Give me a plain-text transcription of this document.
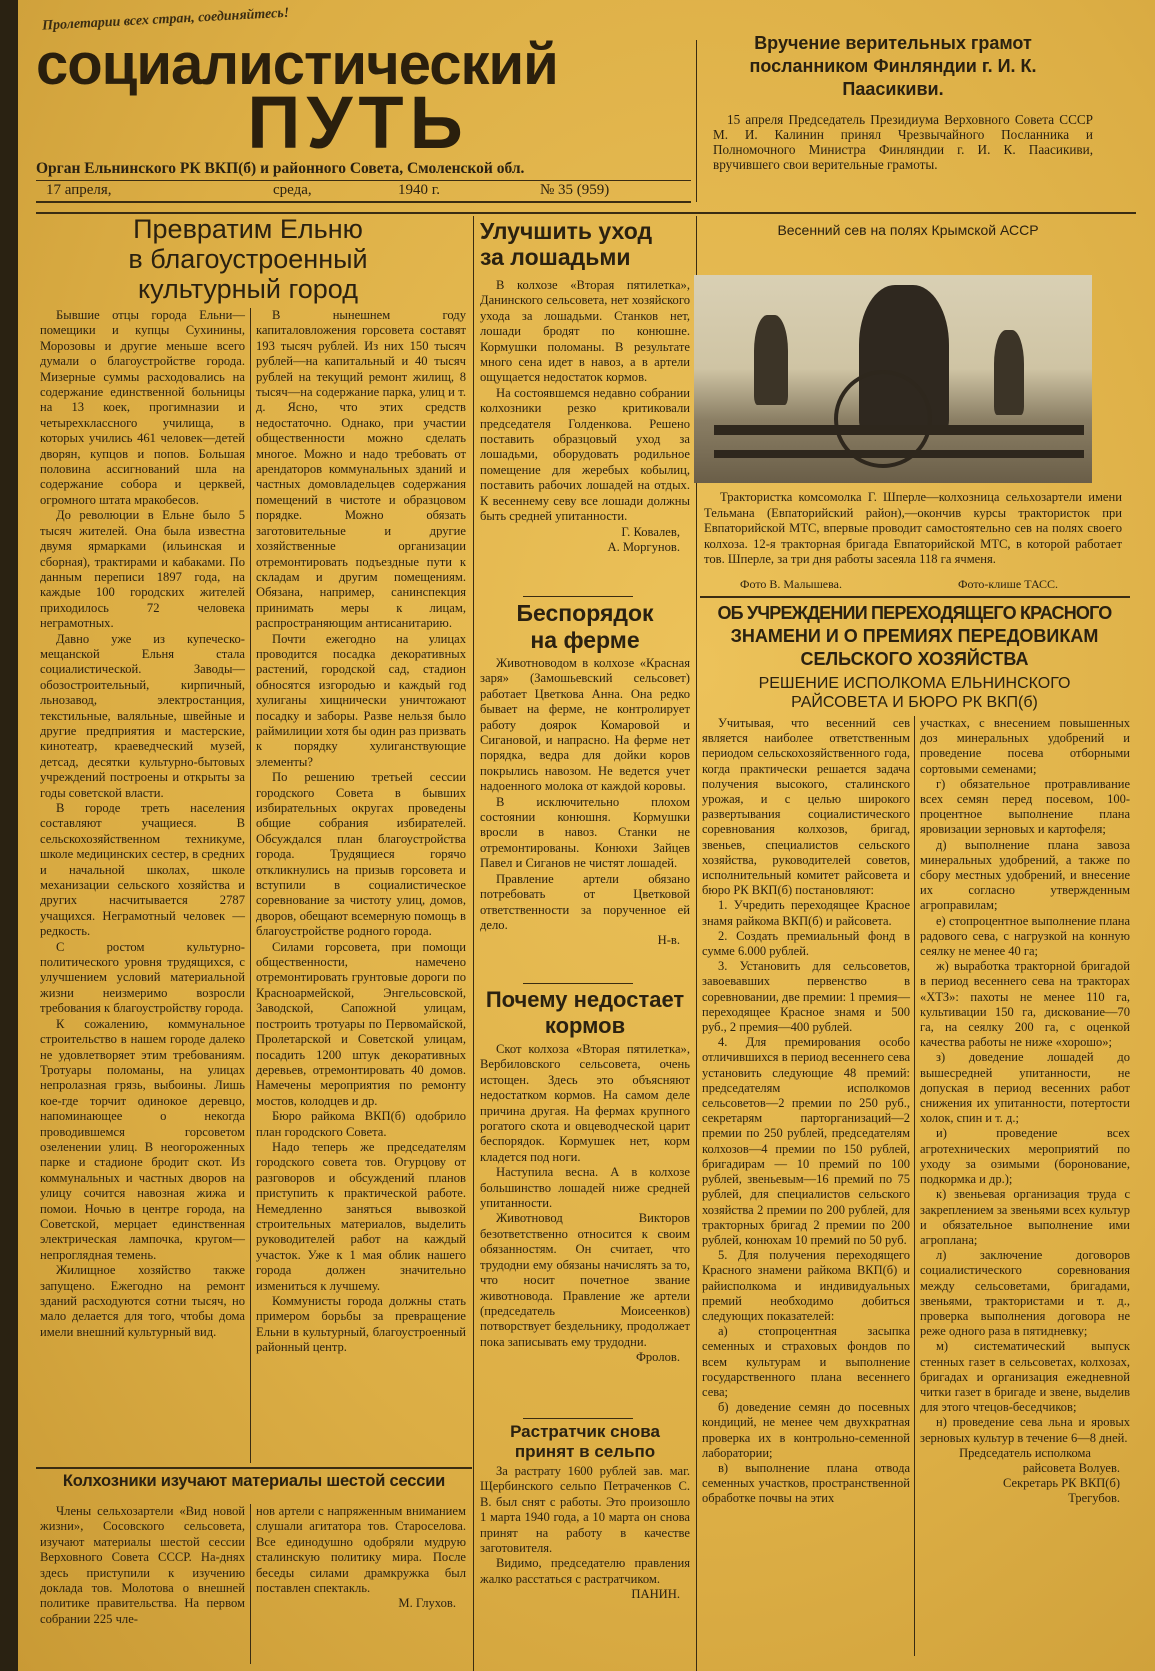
Пролетарии всех стран, соединяйтесь!
социалистический
ПУТЬ
Орган Ельнинского РК ВКП(б) и районного Совета, Смоленской обл.
17 апреля,	среда,	1940 г.	№ 35 (959)
Вручение верительных грамот посланником Финляндии г. И. К. Паасикиви.
15 апреля Председатель Президиума Верховного Совета СССР М. И. Калинин принял Чрезвычайного Посланника и Полномочного Министра Финляндии г. И. К. Паасикиви, вручившего свои верительные грамоты.
Превратим Ельню
в благоустроенный
культурный город

Бывшие отцы города Ельни—помещики и купцы Сухинины, Морозовы и другие меньше всего думали о благоустройстве города. Мизерные суммы расходовались на содержание единственной больницы на 13 коек, прогимназии и четырехклассного училища, в которых учились 461 человек—детей дворян, купцов и попов. Большая половина ассигнований шла на содержание собора и церквей, огромного штата мракобесов.

До революции в Ельне было 5 тысяч жителей. Она была известна двумя ярмарками (ильинская и сборная), трактирами и кабаками. По данным переписи 1897 года, на каждые 100 городских жителей приходилось 72 человека неграмотных.

Давно уже из купеческо-мещанской Ельня стала социалистической. Заводы—обозостроительный, кирпичный, льнозавод, электростанция, текстильные, валяльные, швейные и другие предприятия и мастерские, кинотеатр, краеведческий музей, детсад, десятки культурно-бытовых учреждений построены и открыты за годы советской власти.

В городе треть населения составляют учащиеся. В сельскохозяйственном техникуме, школе медицинских сестер, в средних и начальной школах, школе механизации сельского хозяйства и других насчитывается 2787 учащихся. Неграмотный человек — редкость.

С ростом культурно-политического уровня трудящихся, с улучшением условий материальной жизни неизмеримо возросли требования к благоустройству города.

К сожалению, коммунальное строительство в нашем городе далеко не удовлетворяет этим требованиям. Тротуары поломаны, на улицах непролазная грязь, выбоины. Лишь кое-где торчит одинокое деревцо, напоминающее о некогда проводившемся горсоветом озеленении улиц. В неогороженных парке и стадионе бродит скот. Из коммунальных и частных дворов на улицу сочится навозная жижа и помои. Ночью в центре города, на Советской, мерцает единственная электрическая лампочка, кругом—непроглядная темень.

Жилищное хозяйство также запущено. Ежегодно на ремонт зданий расходуются сотни тысяч, но мало делается для того, чтобы дома имели внешний культурный вид.

В нынешнем году капиталовложения горсовета составят 193 тысяч рублей. Из них 150 тысяч рублей—на капитальный и 40 тысяч рублей на текущий ремонт жилищ, 8 тысяч—на содержание парка, улиц и т. д. Ясно, что этих средств недостаточно. Однако, при участии общественности можно сделать многое. Можно и надо требовать от арендаторов коммунальных зданий и частных домовладельцев содержания помещений в чистоте и образцовом порядке. Можно обязать заготовительные и другие хозяйственные организации отремонтировать подъездные пути к складам и другим помещениям. Обязана, например, санинспекция принимать меры к лицам, распространяющим антисанитарию.

Почти ежегодно на улицах проводится посадка декоративных растений, городской сад, стадион обносятся изгородью и каждый год хулиганы хищнически уничтожают посадку и заборы. Разве нельзя было раймилиции хотя бы один раз призвать к порядку хулиганствующие элементы?

По решению третьей сессии городского Совета в бывших избирательных округах проведены общие собрания избирателей. Обсуждался план благоустройства города. Трудящиеся горячо откликнулись на призыв горсовета и вступили в социалистическое соревнование за чистоту улиц, домов, дворов, обещают всемерную помощь в благоустройстве родного города.

Силами горсовета, при помощи общественности, намечено отремонтировать грунтовые дороги по Красноармейской, Энгельсовской, Заводской, Сапожной улицам, построить тротуары по Первомайской, Пролетарской и Советской улицам, посадить 1200 штук декоративных деревьев, отремонтировать 40 домов. Намечены мероприятия по ремонту мостов, колодцев и др.

Бюро райкома ВКП(б) одобрило план городского Совета.

Надо теперь же председателям городского совета тов. Огурцову от разговоров и обсуждений планов приступить к практической работе. Немедленно заняться вывозкой строительных материалов, выделить руководителей работ на каждый участок. Уже к 1 мая облик нашего города должен значительно измениться к лучшему.

Коммунисты города должны стать примером борьбы за превращение Ельни в культурный, благоустроенный районный центр.

Улучшить уход
за лошадьми

В колхозе «Вторая пятилетка», Данинского сельсовета, нет хозяйского ухода за лошадьми. Станков нет, лошади бродят по конюшне. Кормушки поломаны. В результате много сена идет в навоз, а в артели ощущается недостаток кормов.

На состоявшемся недавно собрании колхозники резко критиковали председателя Голденкова. Решено поставить образцовый уход за лошадьми, оборудовать родильное помещение для жеребых кобылиц, поставить рабочих лошадей на отдых. К весеннему севу все лошади должны быть средней упитанности.

Г. Ковалев,
А. Моргунов.
Беспорядок
на ферме

Животноводом в колхозе «Красная заря» (Замошьевский сельсовет) работает Цветкова Анна. Она редко бывает на ферме, не контролирует работу доярок Комаровой и Сигановой, и напрасно. На ферме нет порядка, ведра для дойки коров покрылись навозом. Не ведется учет надоенного молока от каждой коровы.

В исключительно плохом состоянии конюшня. Кормушки вросли в навоз. Станки не отремонтированы. Конюхи Зайцев Павел и Сиганов не чистят лошадей.

Правление артели обязано потребовать от Цветковой ответственности за порученное ей дело.

Н-в.
Почему недостает
кормов

Скот колхоза «Вторая пятилетка», Вербиловского сельсовета, очень истощен. Здесь это объясняют недостатком кормов. На самом деле причина другая. На фермах крупного рогатого скота и овцеводческой царит беспорядок. Кормушек нет, корм кладется под ноги.

Наступила весна. А в колхозе большинство лошадей ниже средней упитанности.

Животновод Викторов безответственно относится к своим обязанностям. Он считает, что трудодни ему обязаны начислять за то, что носит почетное звание животновода. Правление же артели (председатель Моисеенков) потворствует бездельнику, продолжает пока записывать ему трудодни.

Фролов.
Растратчик снова
принят в сельпо

За растрату 1600 рублей зав. маг. Щербинского сельпо Петраченков С. В. был снят с работы. Это произошло 1 марта 1940 года, а 10 марта он снова принят на работу в качестве заготовителя.

Видимо, председателю правления жалко расстаться с растратчиком.

ПАНИН.
Весенний сев на полях Крымской АССР
Трактористка комсомолка Г. Шперле—колхозница сельхозартели имени Тельмана (Евпаторийский район),—окончив курсы трактористок при Евпаторийской МТС, впервые проводит самостоятельно сев на полях своего колхоза. 12-я тракторная бригада Евпаторийской МТС, в которой работает тов. Шперле, за три дня работы засеяла 118 га ячменя.
Фото В. Малышева.	Фото-клише ТАСС.
ОБ УЧРЕЖДЕНИИ ПЕРЕХОДЯЩЕГО КРАСНОГО
ЗНАМЕНИ И О ПРЕМИЯХ ПЕРЕДОВИКАМ
СЕЛЬСКОГО ХОЗЯЙСТВА
РЕШЕНИЕ ИСПОЛКОМА ЕЛЬНИНСКОГО
РАЙСОВЕТА И БЮРО РК ВКП(б)

Учитывая, что весенний сев является наиболее ответственным периодом сельскохозяйственного года, когда практически решается задача получения высокого, сталинского урожая, и с целью широкого развертывания социалистического соревнования колхозов, бригад, звеньев, специалистов сельского хозяйства, руководителей советов, исполнительный комитет райсовета и бюро РК ВКП(б) постановляют:

1. Учредить переходящее Красное знамя райкома ВКП(б) и райсовета.

2. Создать премиальный фонд в сумме 6.000 рублей.

3. Установить для сельсоветов, завоевавших первенство в соревновании, две премии: 1 премия—переходящее Красное знамя и 500 руб., 2 премия—400 рублей.

4. Для премирования особо отличившихся в период весеннего сева установить следующие 48 премий: председателям исполкомов сельсоветов—2 премии по 250 руб., секретарям парторганизаций—2 премии по 250 рублей, председателям колхозов—4 премии по 150 рублей, бригадирам — 10 премий по 100 рублей, звеньевым—16 премий по 75 рублей, для специалистов сельского хозяйства 2 премии по 200 рублей, для тракторных бригад 2 премии по 200 рублей, конюхам 10 премий по 50 руб.

5. Для получения переходящего Красного знамени райкома ВКП(б) и райисполкома и индивидуальных премий необходимо добиться следующих показателей:

а) стопроцентная засыпка семенных и страховых фондов по всем культурам и выполнение государственного плана весеннего сева;

б) доведение семян до посевных кондиций, не менее чем двухкратная проверка их в контрольно-семенной лаборатории;

в) выполнение плана отвода семенных участков, пространственной обработке почвы на этих

участках, с внесением повышенных доз минеральных удобрений и проведение посева отборными сортовыми семенами;

г) обязательное протравливание всех семян перед посевом, 100-процентное выполнение плана яровизации зерновых и картофеля;

д) выполнение плана завоза минеральных удобрений, а также по сбору местных удобрений, и внесение их согласно утвержденным агроправилам;

е) стопроцентное выполнение плана радового сева, с нагрузкой на конную сеялку не менее 40 га;

ж) выработка тракторной бригадой в период весеннего сева на тракторах «ХТЗ»: пахоты не менее 110 га, культивации 150 га, дискование—70 га, на сеялку 200 га, с оценкой качества работы не ниже «хорошо»;

з) доведение лошадей до вышесредней упитанности, не допуская в период весенних работ снижения их упитанности, потертости холок, спин и т. д.;

и) проведение всех агротехнических мероприятий по уходу за озимыми (боронование, подкормка и др.);

к) звеньевая организация труда с закреплением за звеньями всех культур и обязательное выполнение ими агроплана;

л) заключение договоров социалистического соревнования между сельсоветами, бригадами, звеньями, трактористами и т. д., проверка выполнения договора не реже одного раза в пятидневку;

м) систематический выпуск стенных газет в сельсоветах, колхозах, бригадах и организация ежедневной читки газет в бригаде и звене, выделив для этого чтецов-беседчиков;

н) проведение сева льна и яровых зерновых культур в течение 6—8 дней.

Председатель исполкома
райсовета Волуев.
Секретарь РК ВКП(б)
Трегубов.
Колхозники изучают материалы шестой сессии
Члены сельхозартели «Вид новой жизни», Сосовского сельсовета, изучают материалы шестой сессии Верховного Совета СССР. На-днях здесь приступили к изучению доклада тов. Молотова о внешней политике правительства. На первом собрании 225 чле-
нов артели с напряженным вниманием слушали агитатора тов. Староселова. Все единодушно одобряли мудрую сталинскую политику мира. После беседы силами драмкружка был поставлен спектакль.
М. Глухов.
